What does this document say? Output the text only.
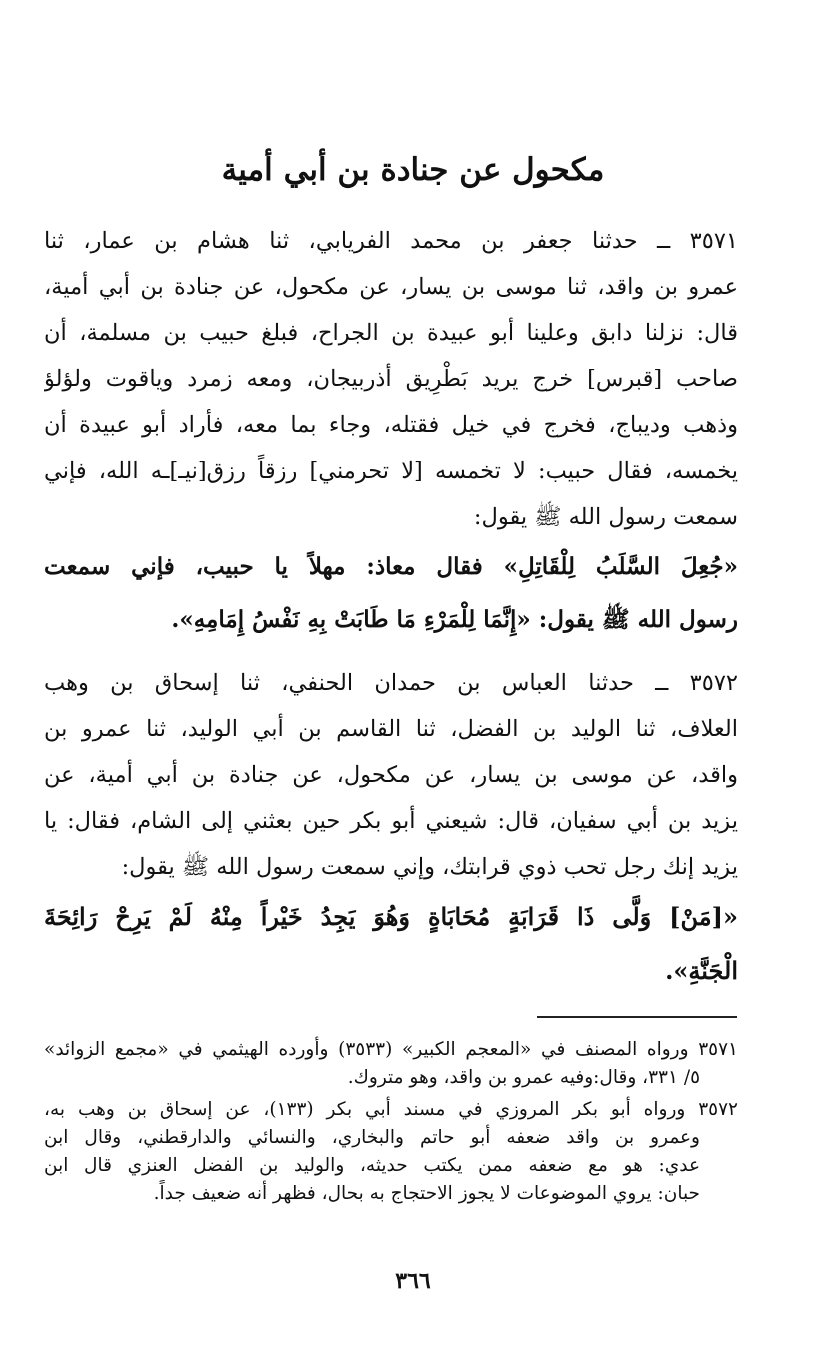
مكحول عن جنادة بن أبي أمية
٣٥٧١ ــ حدثنا جعفر بن محمد الفريابي، ثنا هشام بن عمار، ثنا
عمرو بن واقد، ثنا موسى بن يسار، عن مكحول، عن جنادة بن أبي أمية،
قال: نزلنا دابق وعلينا أبو عبيدة بن الجراح، فبلغ حبيب بن مسلمة، أن
صاحب [قبرس] خرج يريد بَطْرِيق أذربيجان، ومعه زمرد وياقوت ولؤلؤ
وذهب وديباج، فخرج في خيل فقتله، وجاء بما معه، فأراد أبو عبيدة أن
يخمسه، فقال حبيب: لا تخمسه [لا تحرمني] رزقاً رزق[نيـ]ـه الله، فإني
سمعت رسول الله ﷺ يقول:
«جُعِلَ السَّلَبُ لِلْقَاتِلِ» فقال معاذ: مهلاً يا حبيب، فإني سمعت
رسول الله ﷺ يقول: «إِنَّمَا لِلْمَرْءِ مَا طَابَتْ بِهِ نَفْسُ إِمَامِهِ».
٣٥٧٢ ــ حدثنا العباس بن حمدان الحنفي، ثنا إسحاق بن وهب
العلاف، ثنا الوليد بن الفضل، ثنا القاسم بن أبي الوليد، ثنا عمرو بن
واقد، عن موسى بن يسار، عن مكحول، عن جنادة بن أبي أمية، عن
يزيد بن أبي سفيان، قال: شيعني أبو بكر حين بعثني إلى الشام، فقال: يا
يزيد إنك رجل تحب ذوي قرابتك، وإني سمعت رسول الله ﷺ يقول:
«[مَنْ] وَلَّى ذَا قَرَابَةٍ مُحَابَاةٍ وَهُوَ يَجِدُ خَيْراً مِنْهُ لَمْ يَرِحْ رَائِحَةَ
الْجَنَّةِ».
٣٥٧١ ورواه المصنف في «المعجم الكبير» (٣٥٣٣) وأورده الهيثمي في «مجمع الزوائد»
٥/ ٣٣١، وقال:وفيه عمرو بن واقد، وهو متروك.
٣٥٧٢ ورواه أبو بكر المروزي في مسند أبي بكر (١٣٣)، عن إسحاق بن وهب به،
وعمرو بن واقد ضعفه أبو حاتم والبخاري، والنسائي والدارقطني، وقال ابن
عدي: هو مع ضعفه ممن يكتب حديثه، والوليد بن الفضل العنزي قال ابن
حبان: يروي الموضوعات لا يجوز الاحتجاج به بحال، فظهر أنه ضعيف جداً.
٣٦٦
